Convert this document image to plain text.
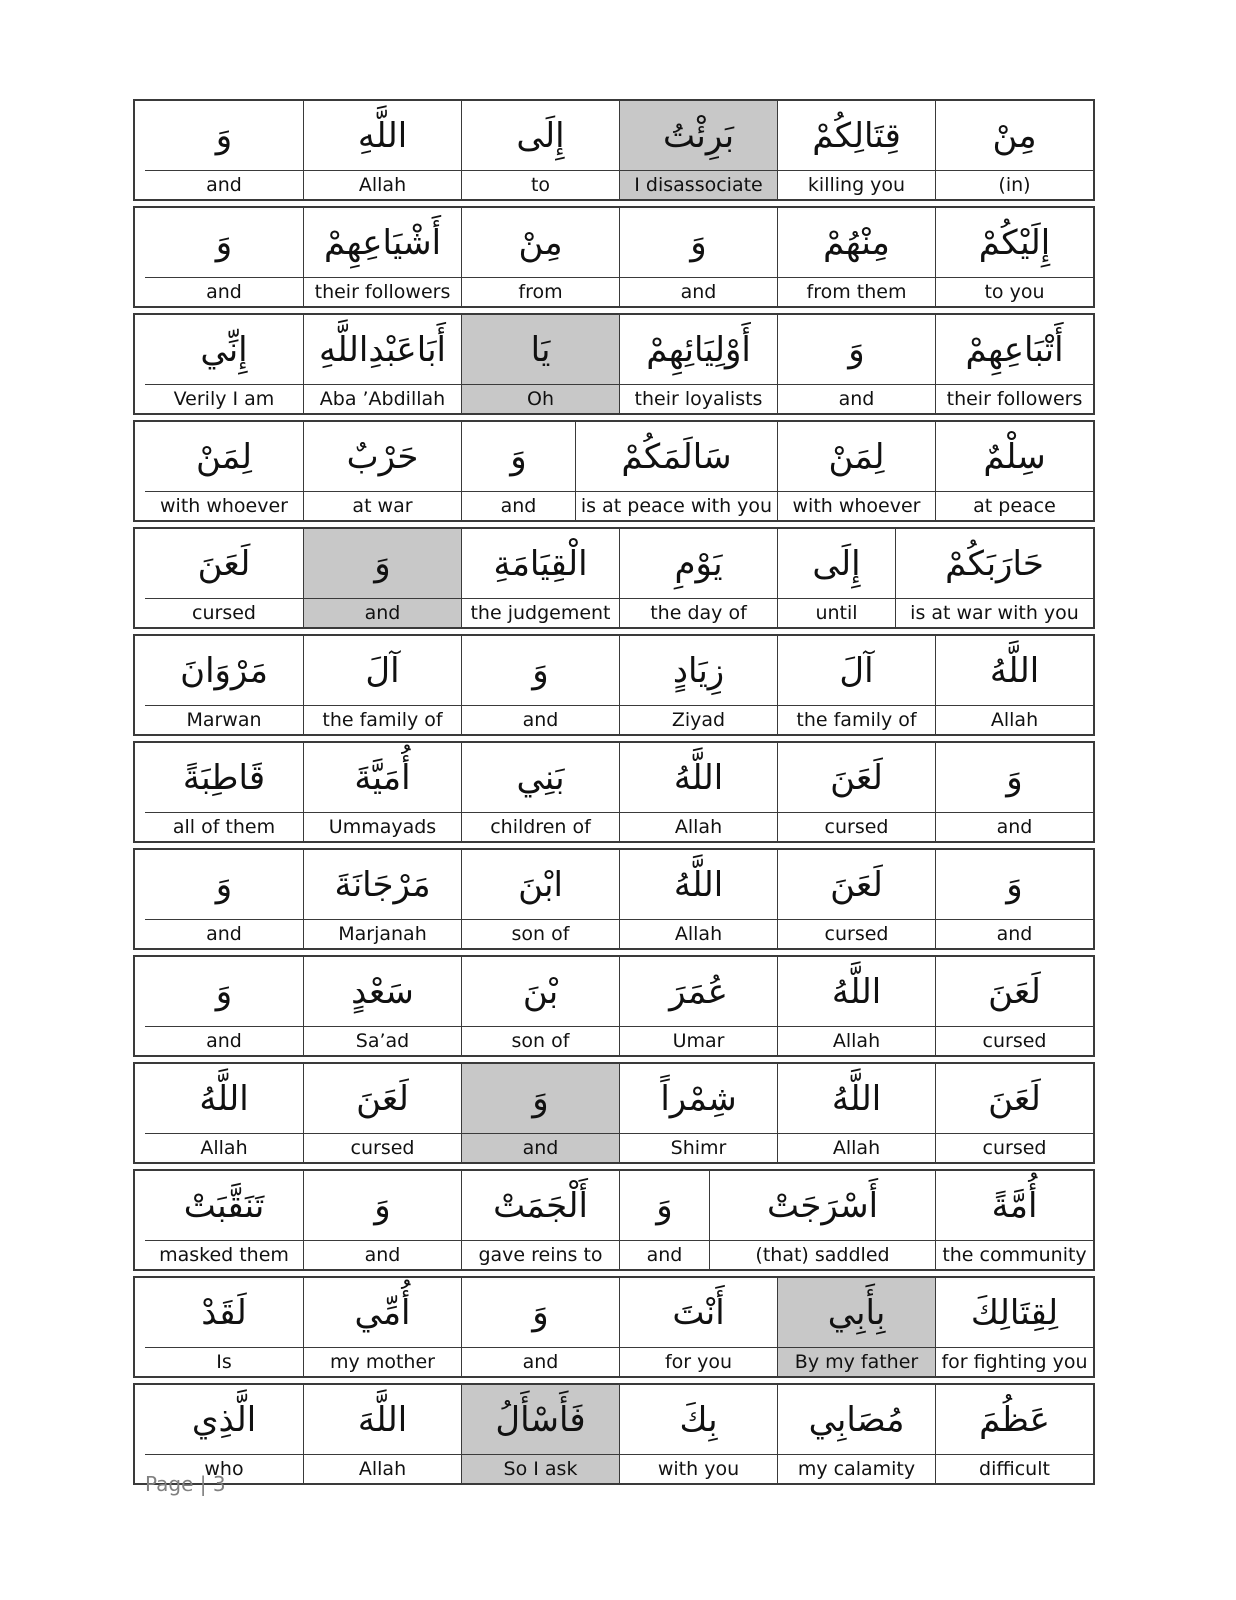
مِنْ
(in)
قِتَالِكُمْ
killing you
بَرِئْتُ
I disassociate
إِلَى
to
اللَّهِ
Allah
وَ
and
إِلَيْكُمْ
to you
مِنْهُمْ
from them
وَ
and
مِنْ
from
أَشْيَاعِهِمْ
their followers
وَ
and
أَتْبَاعِهِمْ
their followers
وَ
and
أَوْلِيَائِهِمْ
their loyalists
يَا
Oh
أَبَاعَبْدِاللَّهِ
Aba ’Abdillah
إِنِّي
Verily I am
سِلْمٌ
at peace
لِمَنْ
with whoever
سَالَمَكُمْ
is at peace with you
وَ
and
حَرْبٌ
at war
لِمَنْ
with whoever
حَارَبَكُمْ
is at war with you
إِلَى
until
يَوْمِ
the day of
الْقِيَامَةِ
the judgement
وَ
and
لَعَنَ
cursed
اللَّهُ
Allah
آلَ
the family of
زِيَادٍ
Ziyad
وَ
and
آلَ
the family of
مَرْوَانَ
Marwan
وَ
and
لَعَنَ
cursed
اللَّهُ
Allah
بَنِي
children of
أُمَيَّةَ
Ummayads
قَاطِبَةً
all of them
وَ
and
لَعَنَ
cursed
اللَّهُ
Allah
ابْنَ
son of
مَرْجَانَةَ
Marjanah
وَ
and
لَعَنَ
cursed
اللَّهُ
Allah
عُمَرَ
Umar
بْنَ
son of
سَعْدٍ
Sa’ad
وَ
and
لَعَنَ
cursed
اللَّهُ
Allah
شِمْراً
Shimr
وَ
and
لَعَنَ
cursed
اللَّهُ
Allah
أُمَّةً
the community
أَسْرَجَتْ
(that) saddled
وَ
and
أَلْجَمَتْ
gave reins to
وَ
and
تَنَقَّبَتْ
masked them
لِقِتَالِكَ
for fighting you
بِأَبِي
By my father
أَنْتَ
for you
وَ
and
أُمِّي
my mother
لَقَدْ
Is
عَظُمَ
difficult
مُصَابِي
my calamity
بِكَ
with you
فَأَسْأَلُ
So I ask
اللَّهَ
Allah
الَّذِي
who
Page | 3
